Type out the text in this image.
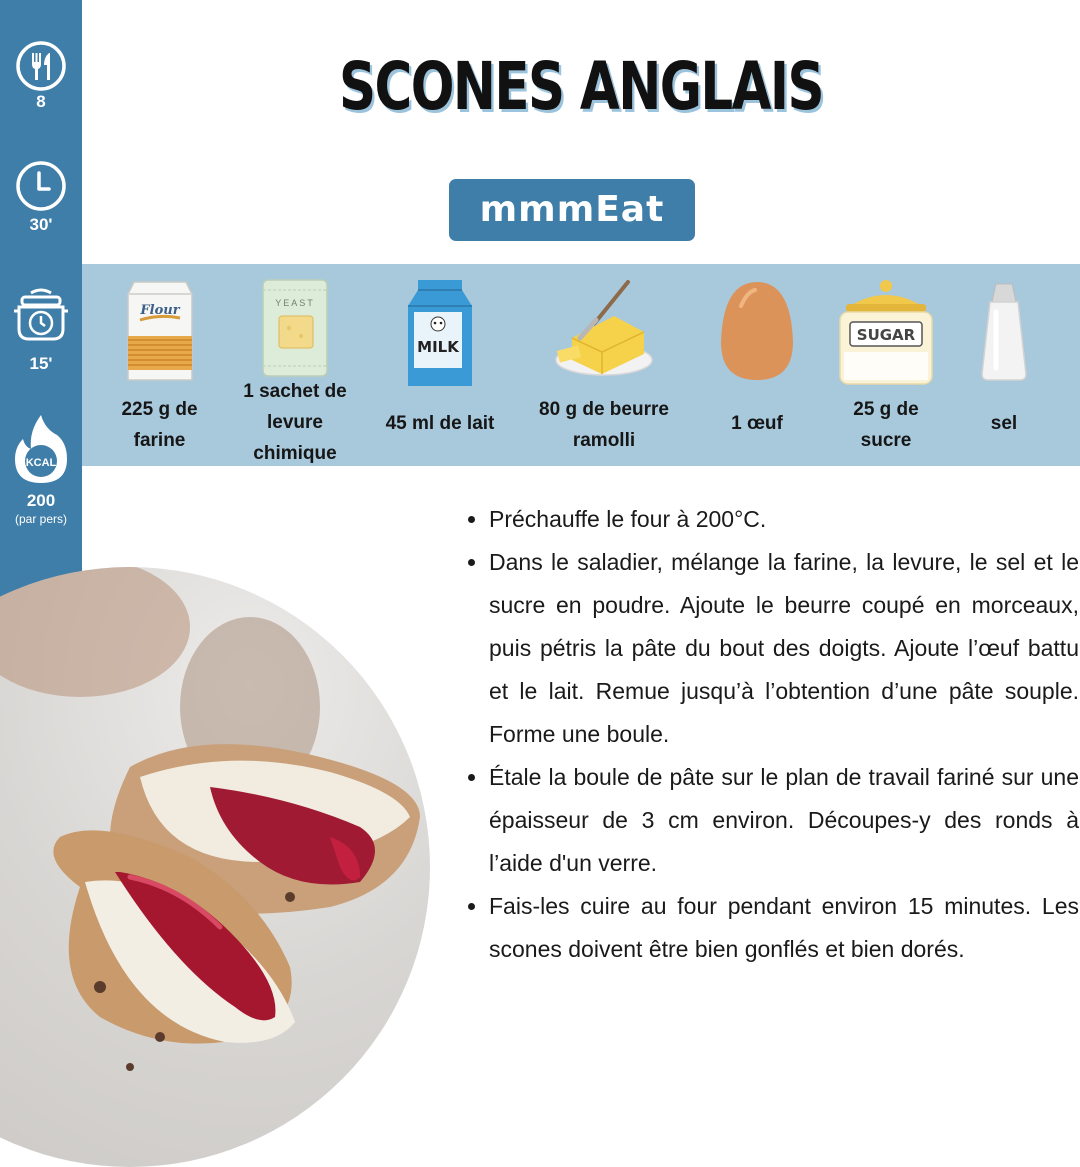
8
30'
15'
KCAL
200
(par pers)
SCONES ANGLAIS
mmmEat
Flour
225 g de farine
YEAST
1 sachet de levure chimique
MILK
45 ml de lait
80 g de beurre ramolli
1 œuf
SUGAR
25 g de sucre
sel
• Préchauffe le four à 200°C.
• Dans le saladier, mélange la farine, la levure, le sel et le sucre en poudre. Ajoute le beurre coupé en morceaux, puis pétris la pâte du bout des doigts. Ajoute l’œuf battu et le lait. Remue jusqu’à l’obtention d’une pâte souple. Forme une boule.
• Étale la boule de pâte sur le plan de travail fariné sur une épaisseur de 3 cm environ. Découpes-y des ronds à l’aide d'un verre.
• Fais-les cuire au four pendant environ 15 minutes. Les scones doivent être bien gonflés et bien dorés.
